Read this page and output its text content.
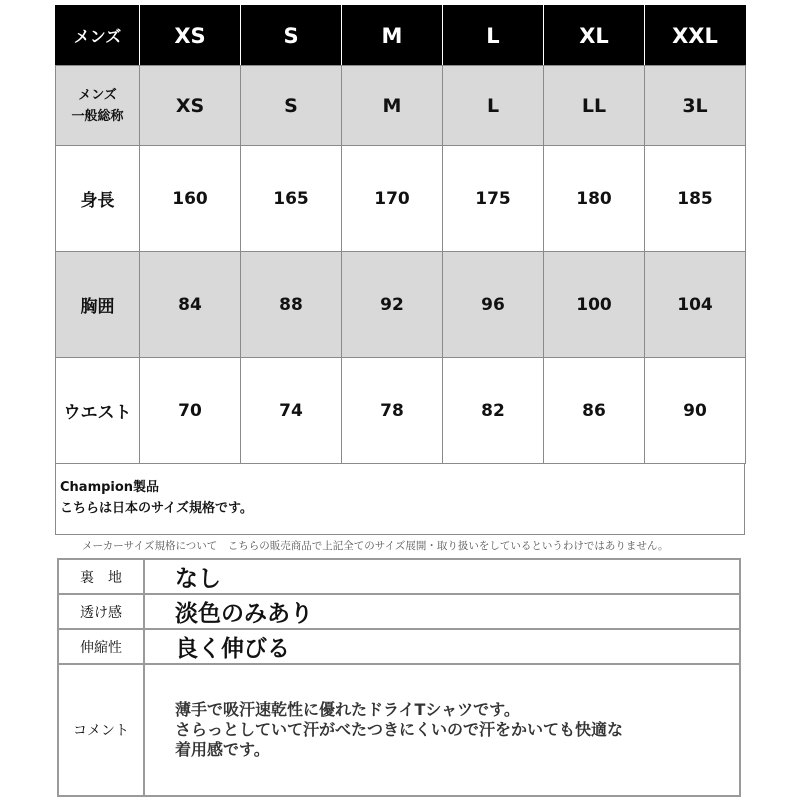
メンズ	XS	S	M	L	XL	XXL

メンズ
一般総称	XS	S	M	L	LL	3L
身長	160	165	170	175	180	185
胸囲	84	88	92	96	100	104
ウエスト	70	74	78	82	86	90
Champion製品
こちらは日本のサイズ規格です。
メーカーサイズ規格について　こちらの販売商品で上記全てのサイズ展開・取り扱いをしているというわけではありません。
裏　地	なし
透け感	淡色のみあり
伸縮性	良く伸びる
コメント	薄手で吸汗速乾性に優れたドライTシャツです。
さらっとしていて汗がべたつきにくいので汗をかいても快適な
着用感です。
